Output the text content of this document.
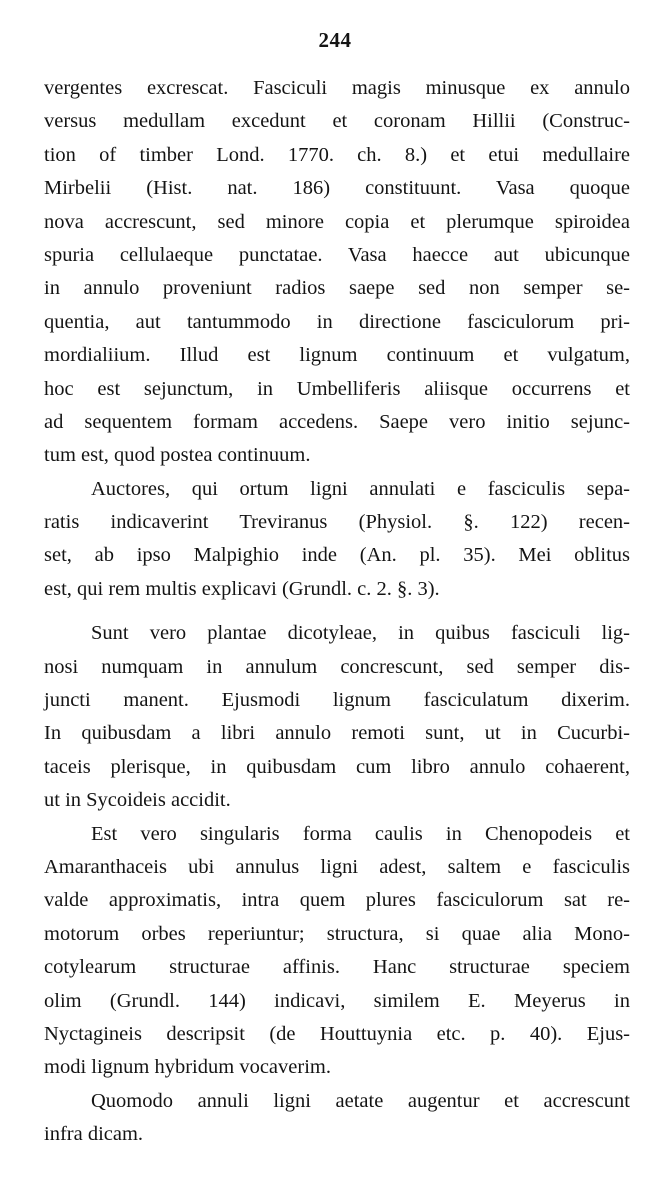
244
vergentes excrescat. Fasciculi magis minusque ex annulo
versus medullam excedunt et coronam Hillii (Construc-
tion of timber Lond. 1770. ch. 8.) et etui medullaire
Mirbelii (Hist. nat. 186) constituunt. Vasa quoque
nova accrescunt, sed minore copia et plerumque spiroidea
spuria cellulaeque punctatae. Vasa haecce aut ubicunque
in annulo proveniunt radios saepe sed non semper se-
quentia, aut tantummodo in directione fasciculorum pri-
mordialiium. Illud est lignum continuum et vulgatum,
hoc est sejunctum, in Umbelliferis aliisque occurrens et
ad sequentem formam accedens. Saepe vero initio sejunc-
tum est, quod postea continuum.
Auctores, qui ortum ligni annulati e fasciculis sepa-
ratis indicaverint Treviranus (Physiol. §. 122) recen-
set, ab ipso Malpighio inde (An. pl. 35). Mei oblitus
est, qui rem multis explicavi (Grundl. c. 2. §. 3).
Sunt vero plantae dicotyleae, in quibus fasciculi lig-
nosi numquam in annulum concrescunt, sed semper dis-
juncti manent. Ejusmodi lignum fasciculatum dixerim.
In quibusdam a libri annulo remoti sunt, ut in Cucurbi-
taceis plerisque, in quibusdam cum libro annulo cohaerent,
ut in Sycoideis accidit.
Est vero singularis forma caulis in Chenopodeis et
Amaranthaceis ubi annulus ligni adest, saltem e fasciculis
valde approximatis, intra quem plures fasciculorum sat re-
motorum orbes reperiuntur; structura, si quae alia Mono-
cotylearum structurae affinis. Hanc structurae speciem
olim (Grundl. 144) indicavi, similem E. Meyerus in
Nyctagineis descripsit (de Houttuynia etc. p. 40). Ejus-
modi lignum hybridum vocaverim.
Quomodo annuli ligni aetate augentur et accrescunt
infra dicam.
